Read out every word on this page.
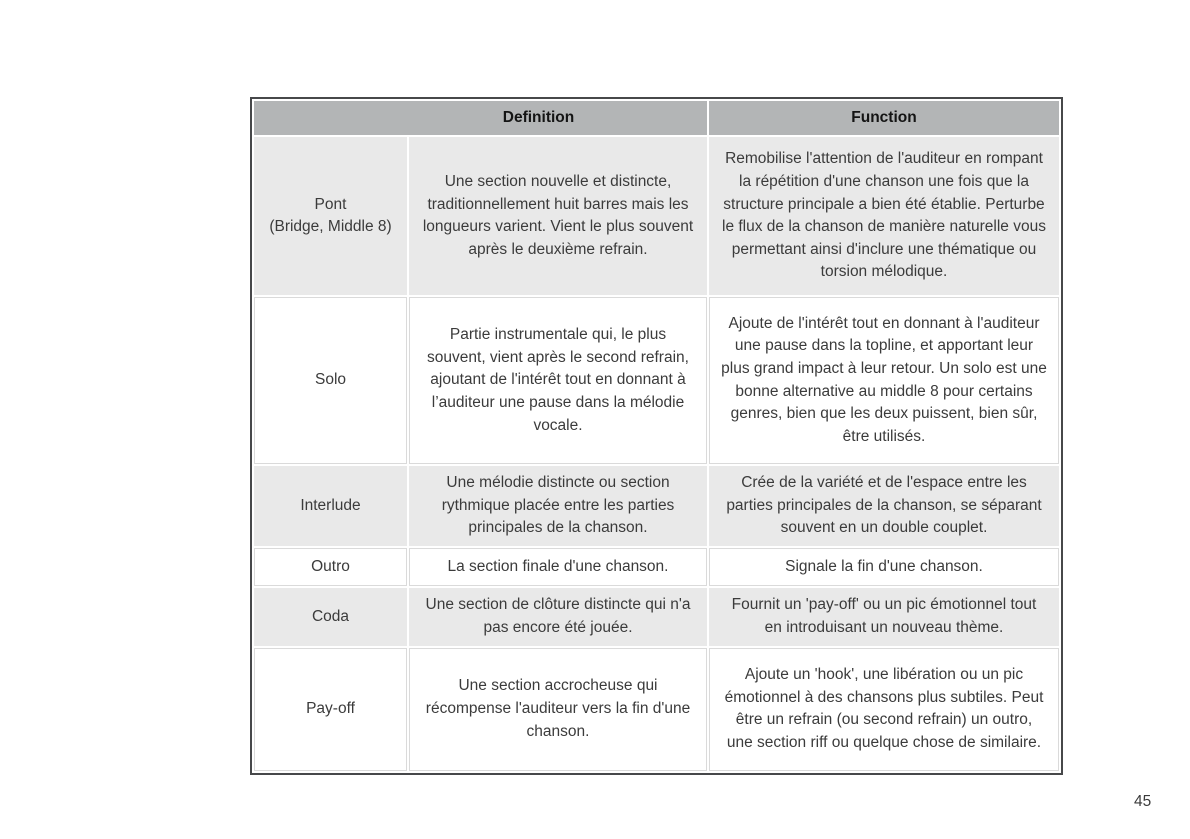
Definition		Function

Pont
(Bridge, Middle 8)	Une section nouvelle et distincte, traditionnellement huit barres mais les longueurs varient. Vient le plus souvent après le deuxième refrain.	Remobilise l'attention de l'auditeur en rompant la répétition d'une chanson une fois que la structure principale a bien été établie. Perturbe le flux de la chanson de manière naturelle vous permettant ainsi d'inclure une thématique ou torsion mélodique.

Solo	Partie instrumentale qui, le plus souvent, vient après le second refrain, ajoutant de l'intérêt tout en donnant à l’auditeur une pause dans la mélodie vocale.	Ajoute de l'intérêt tout en donnant à l'auditeur une pause dans la topline, et apportant leur plus grand impact à leur retour. Un solo est une bonne alternative au middle 8 pour certains genres, bien que les deux puissent, bien sûr, être utilisés.

Interlude	Une mélodie distincte ou section rythmique placée entre les parties principales de la chanson.	Crée de la variété et de l'espace entre les parties principales de la chanson, se séparant souvent en un double couplet.

Outro	La section finale d'une chanson.	Signale la fin d'une chanson.

Coda	Une section de clôture distincte qui n'a pas encore été jouée.	Fournit un 'pay-off' ou un pic émotionnel tout en introduisant un nouveau thème.

Pay-off	Une section accrocheuse qui récompense l'auditeur vers la fin d'une chanson.	Ajoute un 'hook', une libération ou un pic émotionnel à des chansons plus subtiles. Peut être un refrain (ou second refrain) un outro, une section riff ou quelque chose de similaire.
45
